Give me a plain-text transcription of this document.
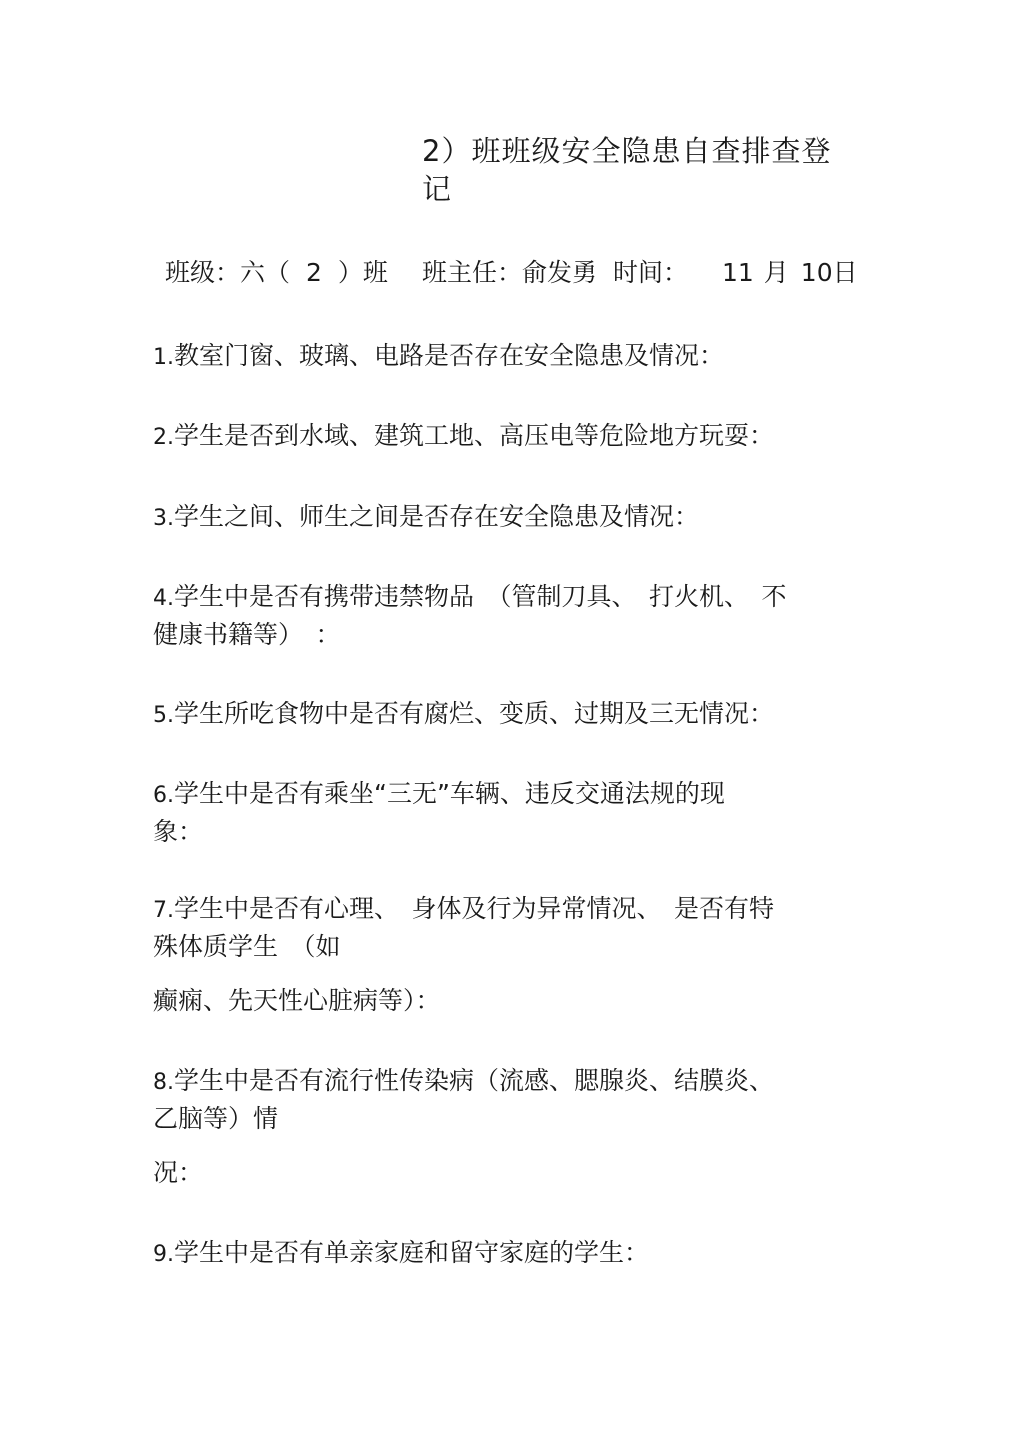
2）班班级安全隐患自查排查登
记
班级：六（ 2 ）班 班主任：俞发勇 时间： 11 月 10日

1.教室门窗、玻璃、电路是否存在安全隐患及情况：

2.学生是否到水域、建筑工地、高压电等危险地方玩耍：

3.学生之间、师生之间是否存在安全隐患及情况：

4.学生中是否有携带违禁物品　（管制刀具、　打火机、　不
健康书籍等）　：

5.学生所吃食物中是否有腐烂、变质、过期及三无情况：

6.学生中是否有乘坐“三无”车辆、违反交通法规的现
象：

7.学生中是否有心理、　身体及行为异常情况、　是否有特
殊体质学生　（如

癫痫、先天性心脏病等）：

8.学生中是否有流行性传染病（流感、腮腺炎、结膜炎、
乙脑等）情

况：

9.学生中是否有单亲家庭和留守家庭的学生：
